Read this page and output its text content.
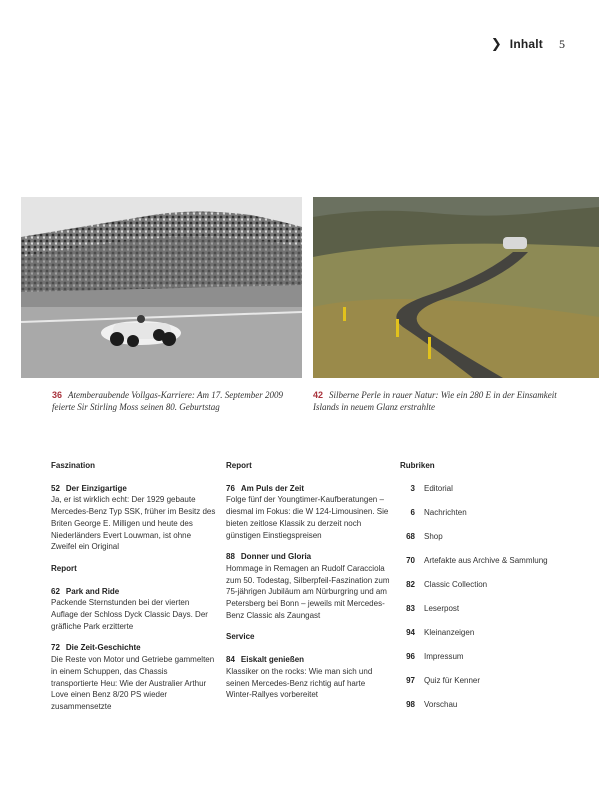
❯ Inhalt 5
36 Atemberaubende Vollgas-Karriere: Am 17. September 2009 feierte Sir Stirling Moss seinen 80. Geburtstag
42 Silberne Perle in rauer Natur: Wie ein 280 E in der Einsamkeit Islands in neuem Glanz erstrahlte
Faszination
52 Der Einzigartige
Ja, er ist wirklich echt: Der 1929 gebaute Mercedes-Benz Typ SSK, früher im Besitz des Briten George E. Milligen und heute des Niederländers Evert Louwman, ist ohne Zweifel ein Original
Report
62 Park and Ride
Packende Sternstunden bei der vierten Auflage der Schloss Dyck Classic Days. Der gräfliche Park erzitterte
72 Die Zeit-Geschichte
Die Reste von Motor und Getriebe gammelten in einem Schuppen, das Chassis transportierte Heu: Wie der Australier Arthur Love einen Benz 8/20 PS wieder zusammensetzte
Report
76 Am Puls der Zeit
Folge fünf der Youngtimer-Kaufberatungen – diesmal im Fokus: die W 124-Limousinen. Sie bieten zeitlose Klassik zu derzeit noch günstigen Einstiegspreisen
88 Donner und Gloria
Hommage in Remagen an Rudolf Caracciola zum 50. Todestag, Silberpfeil-Faszination zum 75-jährigen Jubiläum am Nürburgring und am Petersberg bei Bonn – jeweils mit Mercedes-Benz Classic als Zaungast
Service
84 Eiskalt genießen
Klassiker on the rocks: Wie man sich und seinen Mercedes-Benz richtig auf harte Winter-Rallyes vorbereitet
Rubriken
3 Editorial
6 Nachrichten
68 Shop
70 Artefakte aus Archive & Sammlung
82 Classic Collection
83 Leserpost
94 Kleinanzeigen
96 Impressum
97 Quiz für Kenner
98 Vorschau
